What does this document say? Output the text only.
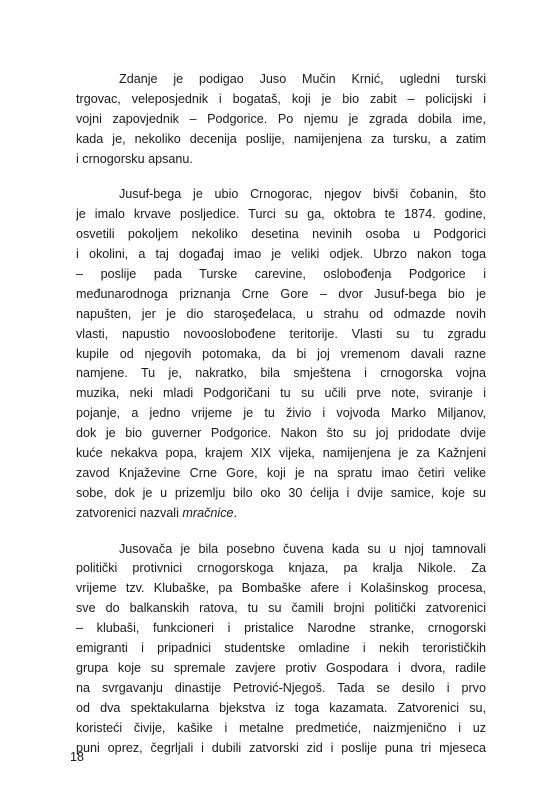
Zdanje je podigao Juso Mučin Krnić, ugledni turski
trgovac, veleposjednik i bogataš, koji je bio zabit – policijski i
vojni zapovjednik – Podgorice. Po njemu je zgrada dobila ime,
kada je, nekoliko decenija poslije, namijenjena za tursku, a zatim
i crnogorsku apsanu.

Jusuf-bega je ubio Crnogorac, njegov bivši čobanin, što
je imalo krvave posljedice. Turci su ga, oktobra te 1874. godine,
osvetili pokoljem nekoliko desetina nevinih osoba u Podgorici
i okolini, a taj događaj imao je veliki odjek. Ubrzo nakon toga
– poslije pada Turske carevine, oslobođenja Podgorice i
međunarodnoga priznanja Crne Gore – dvor Jusuf-bega bio je
napušten, jer je dio staroşeđelaca, u strahu od odmazde novih
vlasti, napustio novooslobođene teritorije. Vlasti su tu zgradu
kupile od njegovih potomaka, da bi joj vremenom davali razne
namjene. Tu je, nakratko, bila smještena i crnogorska vojna
muzika, neki mladi Podgoričani tu su učili prve note, sviranje i
pojanje, a jedno vrijeme je tu živio i vojvoda Marko Miljanov,
dok je bio guverner Podgorice. Nakon što su joj pridodate dvije
kuće nekakva popa, krajem XIX vijeka, namijenjena je za Kažnjeni
zavod Knjaževine Crne Gore, koji je na spratu imao četiri velike
sobe, dok je u prizemlju bilo oko 30 ćelija i dvije samice, koje su
zatvorenici nazvali mračnice.

Jusovača je bila posebno čuvena kada su u njoj tamnovali
politički protivnici crnogorskoga knjaza, pa kralja Nikole. Za
vrijeme tzv. Klubaške, pa Bombaške afere i Kolašinskog procesa,
sve do balkanskih ratova, tu su čamili brojni politički zatvorenici
– klubaši, funkcioneri i pristalice Narodne stranke, crnogorski
emigranti i pripadnici studentske omladine i nekih terorističkih
grupa koje su spremale zavjere protiv Gospodara i dvora, radile
na svrgavanju dinastije Petrović-Njegoš. Tada se desilo i prvo
od dva spektakularna bjekstva iz toga kazamata. Zatvorenici su,
koristeći čivije, kašike i metalne predmetiće, naizmjenično i uz
puni oprez, čegrljali i dubili zatvorski zid i poslije puna tri mjeseca

18
